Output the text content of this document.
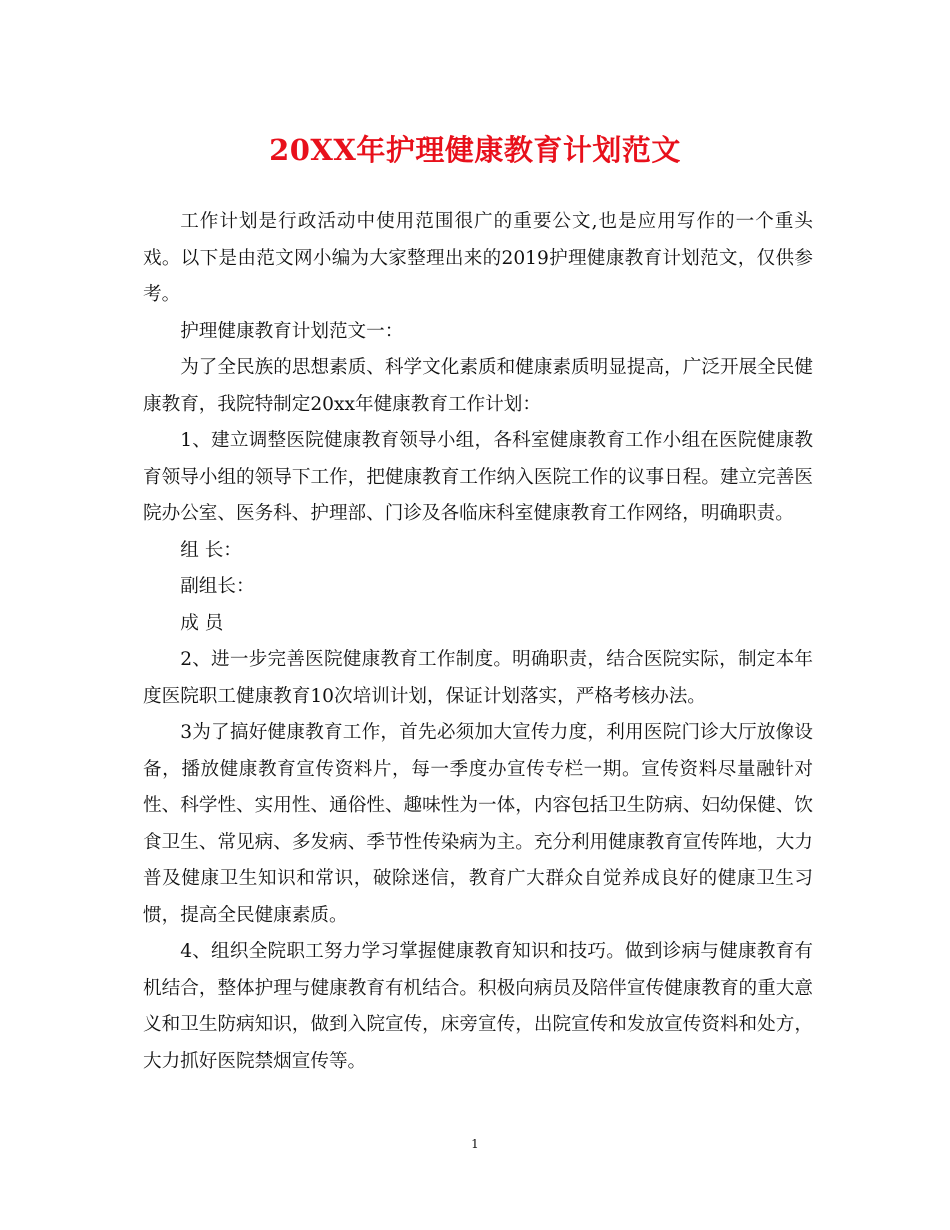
20XX年护理健康教育计划范文

工作计划是行政活动中使用范围很广的重要公文,也是应用写作的一个重头戏。以下是由范文网小编为大家整理出来的2019护理健康教育计划范文，仅供参考。

护理健康教育计划范文一：

为了全民族的思想素质、科学文化素质和健康素质明显提高，广泛开展全民健康教育，我院特制定20xx年健康教育工作计划：

1、建立调整医院健康教育领导小组，各科室健康教育工作小组在医院健康教育领导小组的领导下工作，把健康教育工作纳入医院工作的议事日程。建立完善医院办公室、医务科、护理部、门诊及各临床科室健康教育工作网络，明确职责。

组 长：

副组长：

成 员

2、进一步完善医院健康教育工作制度。明确职责，结合医院实际，制定本年度医院职工健康教育10次培训计划，保证计划落实，严格考核办法。

3为了搞好健康教育工作，首先必须加大宣传力度，利用医院门诊大厅放像设备，播放健康教育宣传资料片，每一季度办宣传专栏一期。宣传资料尽量融针对性、科学性、实用性、通俗性、趣味性为一体，内容包括卫生防病、妇幼保健、饮食卫生、常见病、多发病、季节性传染病为主。充分利用健康教育宣传阵地，大力普及健康卫生知识和常识，破除迷信，教育广大群众自觉养成良好的健康卫生习惯，提高全民健康素质。

4、组织全院职工努力学习掌握健康教育知识和技巧。做到诊病与健康教育有机结合，整体护理与健康教育有机结合。积极向病员及陪伴宣传健康教育的重大意义和卫生防病知识，做到入院宣传，床旁宣传，出院宣传和发放宣传资料和处方，大力抓好医院禁烟宣传等。

1
